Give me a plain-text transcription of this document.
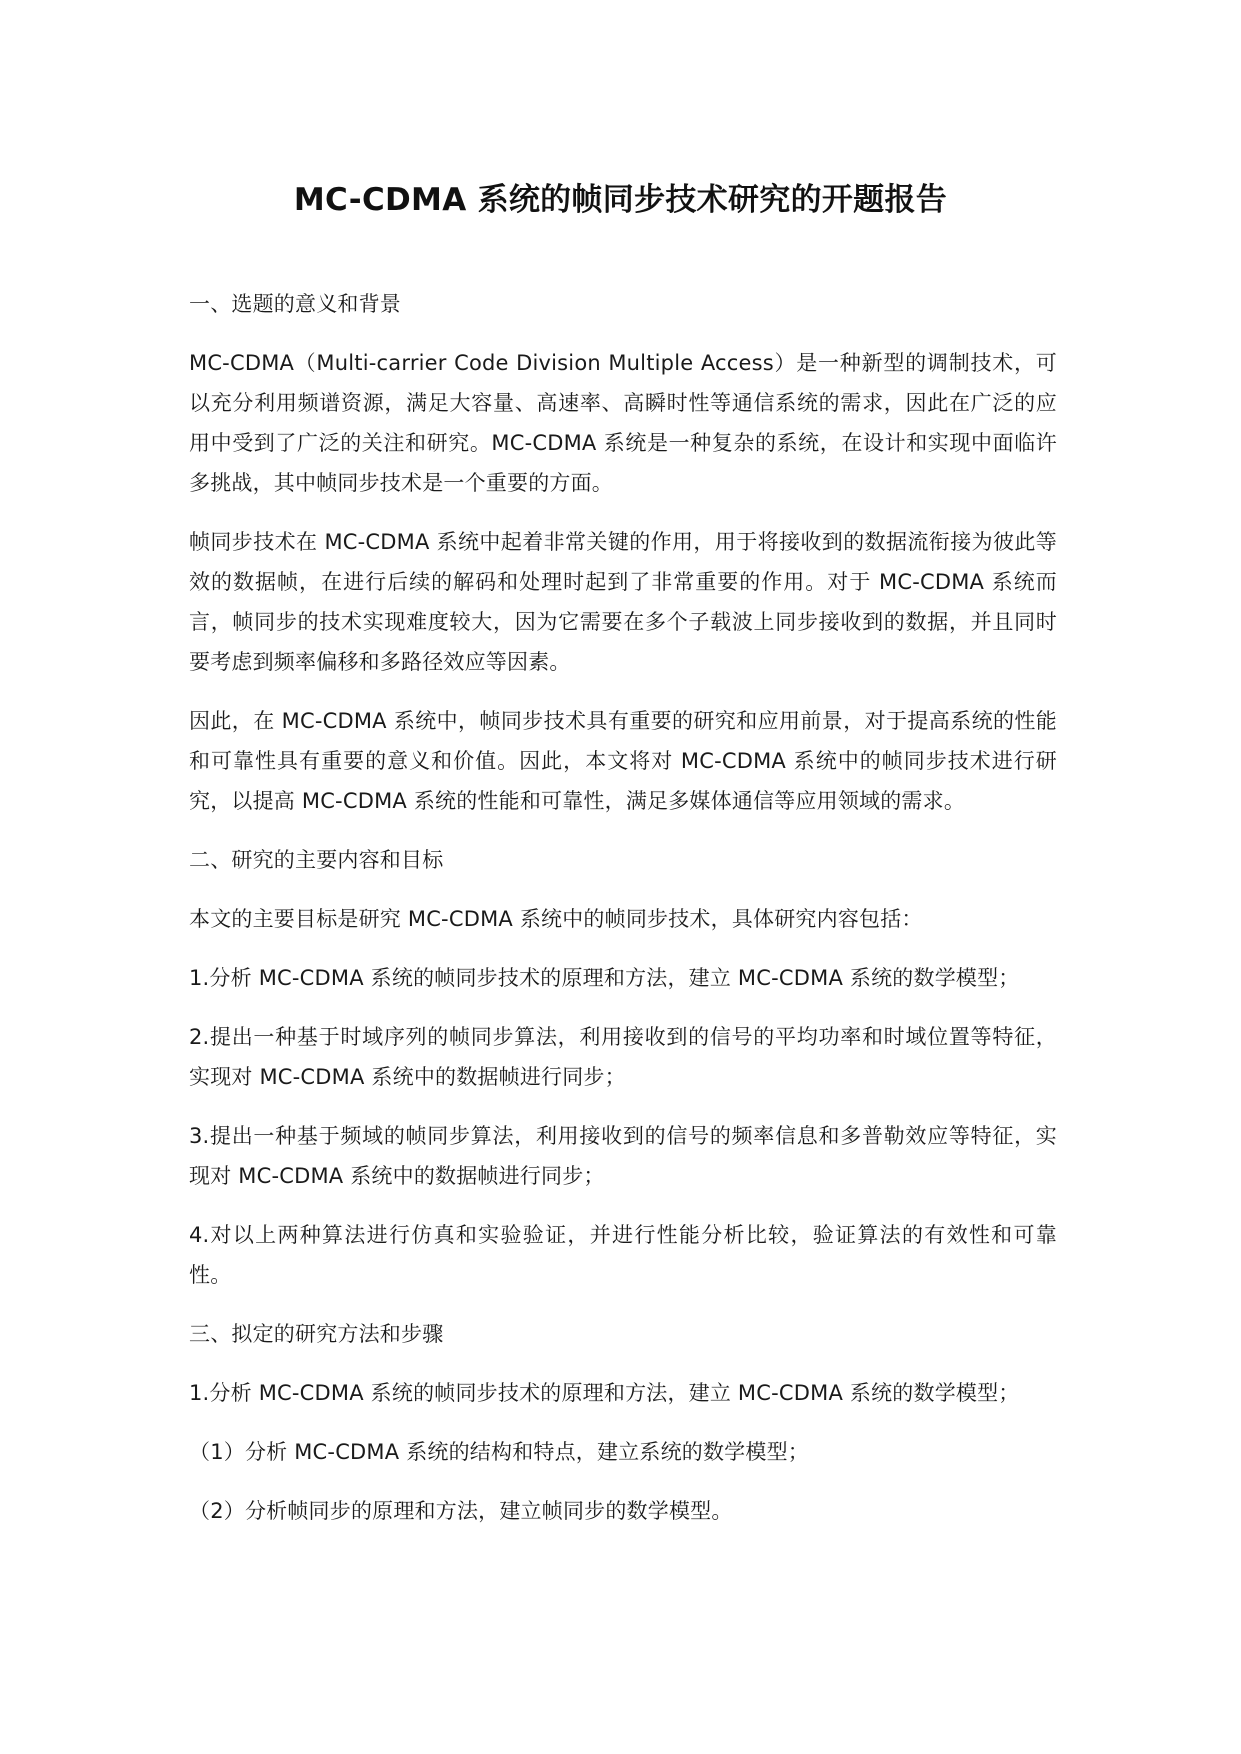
MC-CDMA 系统的帧同步技术研究的开题报告

一、选题的意义和背景

MC-CDMA（Multi-carrier Code Division Multiple Access）是一种新型的调制技术，可以充分利用频谱资源，满足大容量、高速率、高瞬时性等通信系统的需求，因此在广泛的应用中受到了广泛的关注和研究。MC-CDMA 系统是一种复杂的系统，在设计和实现中面临许多挑战，其中帧同步技术是一个重要的方面。

帧同步技术在 MC-CDMA 系统中起着非常关键的作用，用于将接收到的数据流衔接为彼此等效的数据帧，在进行后续的解码和处理时起到了非常重要的作用。对于 MC-CDMA 系统而言，帧同步的技术实现难度较大，因为它需要在多个子载波上同步接收到的数据，并且同时要考虑到频率偏移和多路径效应等因素。

因此，在 MC-CDMA 系统中，帧同步技术具有重要的研究和应用前景，对于提高系统的性能和可靠性具有重要的意义和价值。因此，本文将对 MC-CDMA 系统中的帧同步技术进行研究，以提高 MC-CDMA 系统的性能和可靠性，满足多媒体通信等应用领域的需求。

二、研究的主要内容和目标

本文的主要目标是研究 MC-CDMA 系统中的帧同步技术，具体研究内容包括：

1.分析 MC-CDMA 系统的帧同步技术的原理和方法，建立 MC-CDMA 系统的数学模型；

2.提出一种基于时域序列的帧同步算法，利用接收到的信号的平均功率和时域位置等特征，实现对 MC-CDMA 系统中的数据帧进行同步；

3.提出一种基于频域的帧同步算法，利用接收到的信号的频率信息和多普勒效应等特征，实现对 MC-CDMA 系统中的数据帧进行同步；

4.对以上两种算法进行仿真和实验验证，并进行性能分析比较，验证算法的有效性和可靠性。

三、拟定的研究方法和步骤

1.分析 MC-CDMA 系统的帧同步技术的原理和方法，建立 MC-CDMA 系统的数学模型；

（1）分析 MC-CDMA 系统的结构和特点，建立系统的数学模型；

（2）分析帧同步的原理和方法，建立帧同步的数学模型。
